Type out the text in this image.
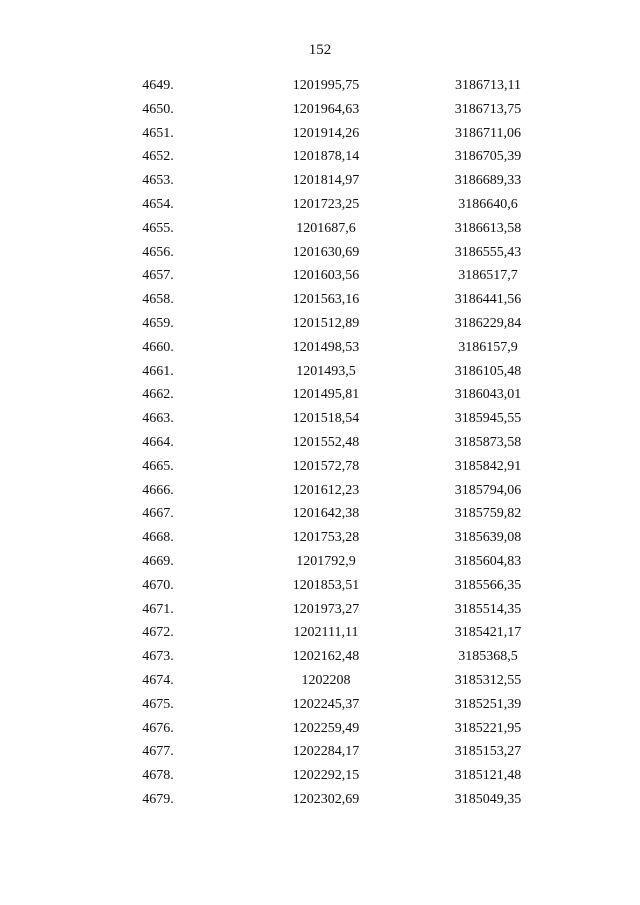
152
4649.	1201995,75	3186713,11
4650.	1201964,63	3186713,75
4651.	1201914,26	3186711,06
4652.	1201878,14	3186705,39
4653.	1201814,97	3186689,33
4654.	1201723,25	3186640,6
4655.	1201687,6	3186613,58
4656.	1201630,69	3186555,43
4657.	1201603,56	3186517,7
4658.	1201563,16	3186441,56
4659.	1201512,89	3186229,84
4660.	1201498,53	3186157,9
4661.	1201493,5	3186105,48
4662.	1201495,81	3186043,01
4663.	1201518,54	3185945,55
4664.	1201552,48	3185873,58
4665.	1201572,78	3185842,91
4666.	1201612,23	3185794,06
4667.	1201642,38	3185759,82
4668.	1201753,28	3185639,08
4669.	1201792,9	3185604,83
4670.	1201853,51	3185566,35
4671.	1201973,27	3185514,35
4672.	1202111,11	3185421,17
4673.	1202162,48	3185368,5
4674.	1202208	3185312,55
4675.	1202245,37	3185251,39
4676.	1202259,49	3185221,95
4677.	1202284,17	3185153,27
4678.	1202292,15	3185121,48
4679.	1202302,69	3185049,35
